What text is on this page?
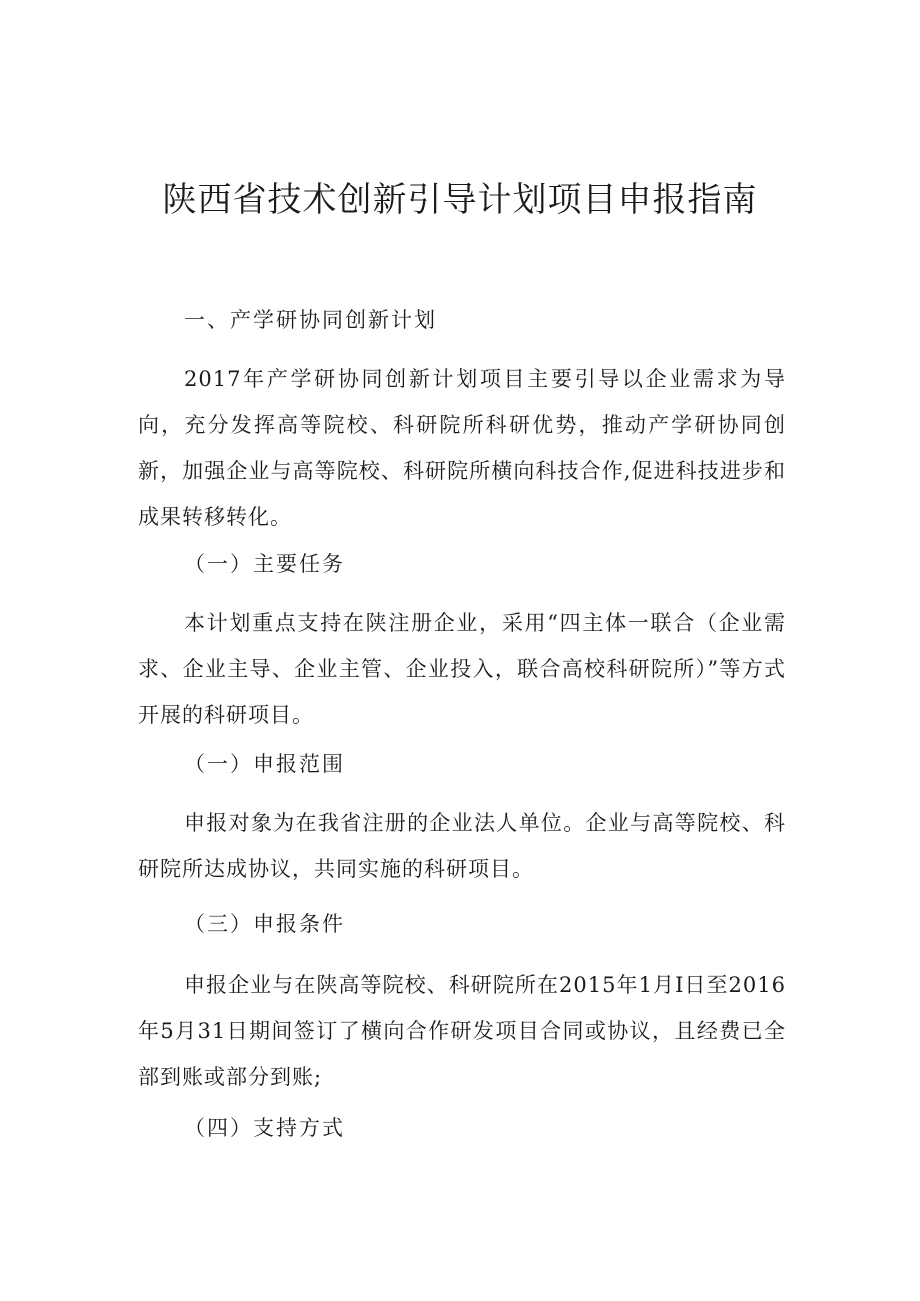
陕西省技术创新引导计划项目申报指南

一、产学研协同创新计划

2017年产学研协同创新计划项目主要引导以企业需求为导向，充分发挥高等院校、科研院所科研优势，推动产学研协同创新，加强企业与高等院校、科研院所横向科技合作,促进科技进步和成果转移转化。

（一）主要任务

本计划重点支持在陕注册企业，采用“四主体一联合（企业需求、企业主导、企业主管、企业投入，联合高校科研院所）”等方式开展的科研项目。

（一）申报范围

申报对象为在我省注册的企业法人单位。企业与高等院校、科研院所达成协议，共同实施的科研项目。

（三）申报条件

申报企业与在陕高等院校、科研院所在2015年1月I日至2016年5月31日期间签订了横向合作研发项目合同或协议，且经费已全部到账或部分到账;

（四）支持方式
